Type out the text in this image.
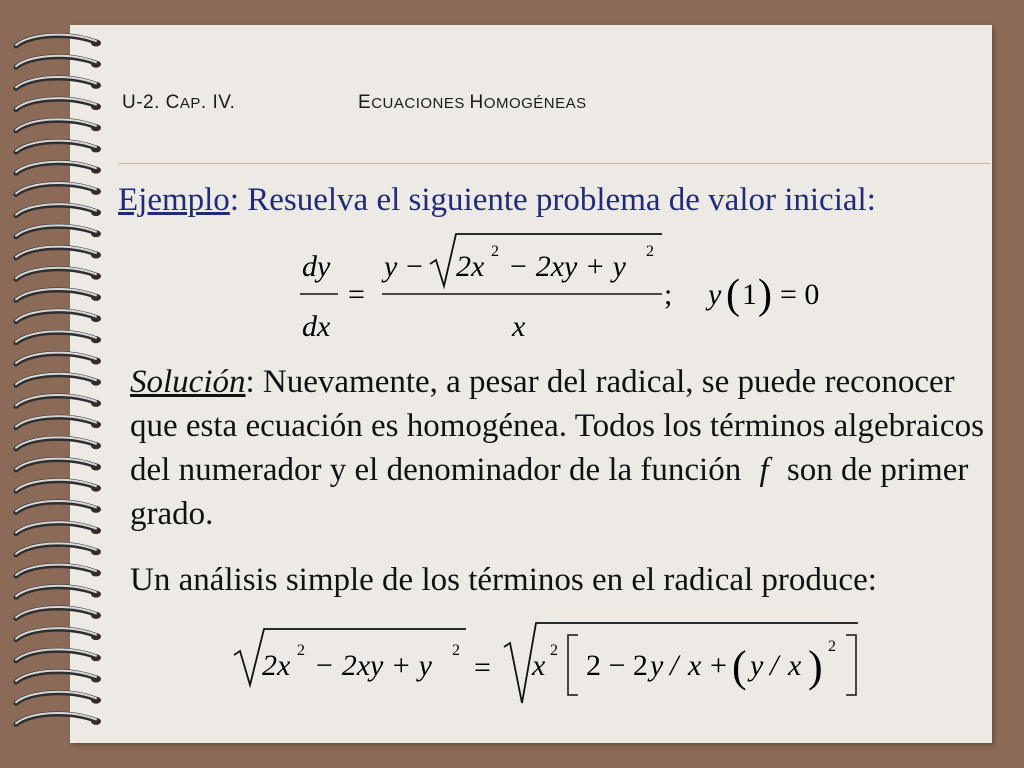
U-2. CAP. IV.	ECUACIONES HOMOGÉNEAS
Ejemplo: Resuelva el siguiente problema de valor inicial:
dy
dx
=
y − 2x 2 − 2xy + y 2
x
; y ( 1 ) = 0

Solución: Nuevamente, a pesar del radical, se puede reconocer que esta ecuación es homogénea. Todos los términos algebraicos del numerador y el denominador de la función f son de primer grado.

Un análisis simple de los términos en el radical produce:
2x 2 − 2xy + y 2
= x 2 2 − 2 y / x + ( y / x ) 2
